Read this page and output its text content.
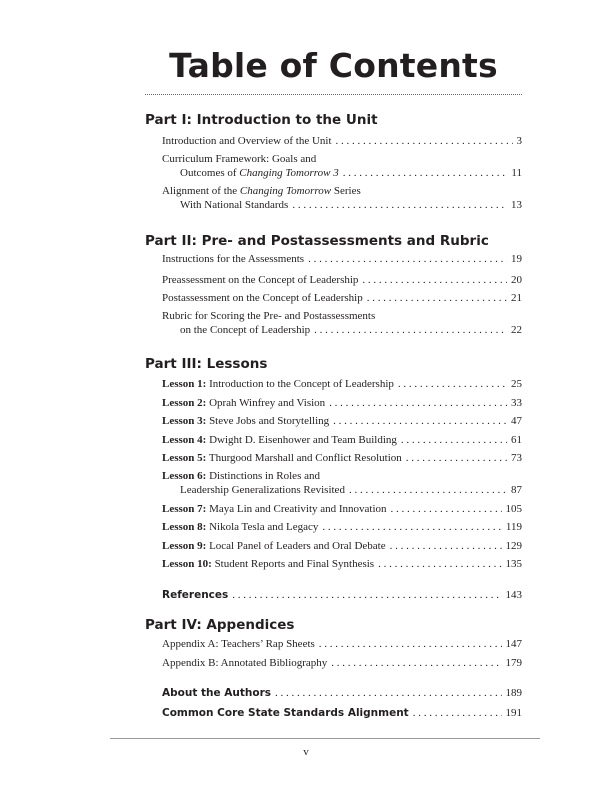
Table of Contents
Part I: Introduction to the Unit
Introduction and Overview of the Unit . . .	3
Curriculum Framework: Goals and
Outcomes of Changing Tomorrow 3 . . .	11
Alignment of the Changing Tomorrow Series
With National Standards . . .	13
Part II: Pre- and Postassessments and Rubric
Instructions for the Assessments . . .	19
Preassessment on the Concept of Leadership . . .	20
Postassessment on the Concept of Leadership . . .	21
Rubric for Scoring the Pre- and Postassessments
on the Concept of Leadership . . .	22
Part III: Lessons
Lesson 1: Introduction to the Concept of Leadership . . .	25
Lesson 2: Oprah Winfrey and Vision . . .	33
Lesson 3: Steve Jobs and Storytelling . . .	47
Lesson 4: Dwight D. Eisenhower and Team Building . . .	61
Lesson 5: Thurgood Marshall and Conflict Resolution . . .	73
Lesson 6: Distinctions in Roles and
Leadership Generalizations Revisited . . .	87
Lesson 7: Maya Lin and Creativity and Innovation . . .	105
Lesson 8: Nikola Tesla and Legacy . . .	119
Lesson 9: Local Panel of Leaders and Oral Debate . . .	129
Lesson 10: Student Reports and Final Synthesis . . .	135
References . . .	143
Part IV: Appendices
Appendix A: Teachers’ Rap Sheets . . .	147
Appendix B: Annotated Bibliography . . .	179
About the Authors . . .	189
Common Core State Standards Alignment . . .	191
v
